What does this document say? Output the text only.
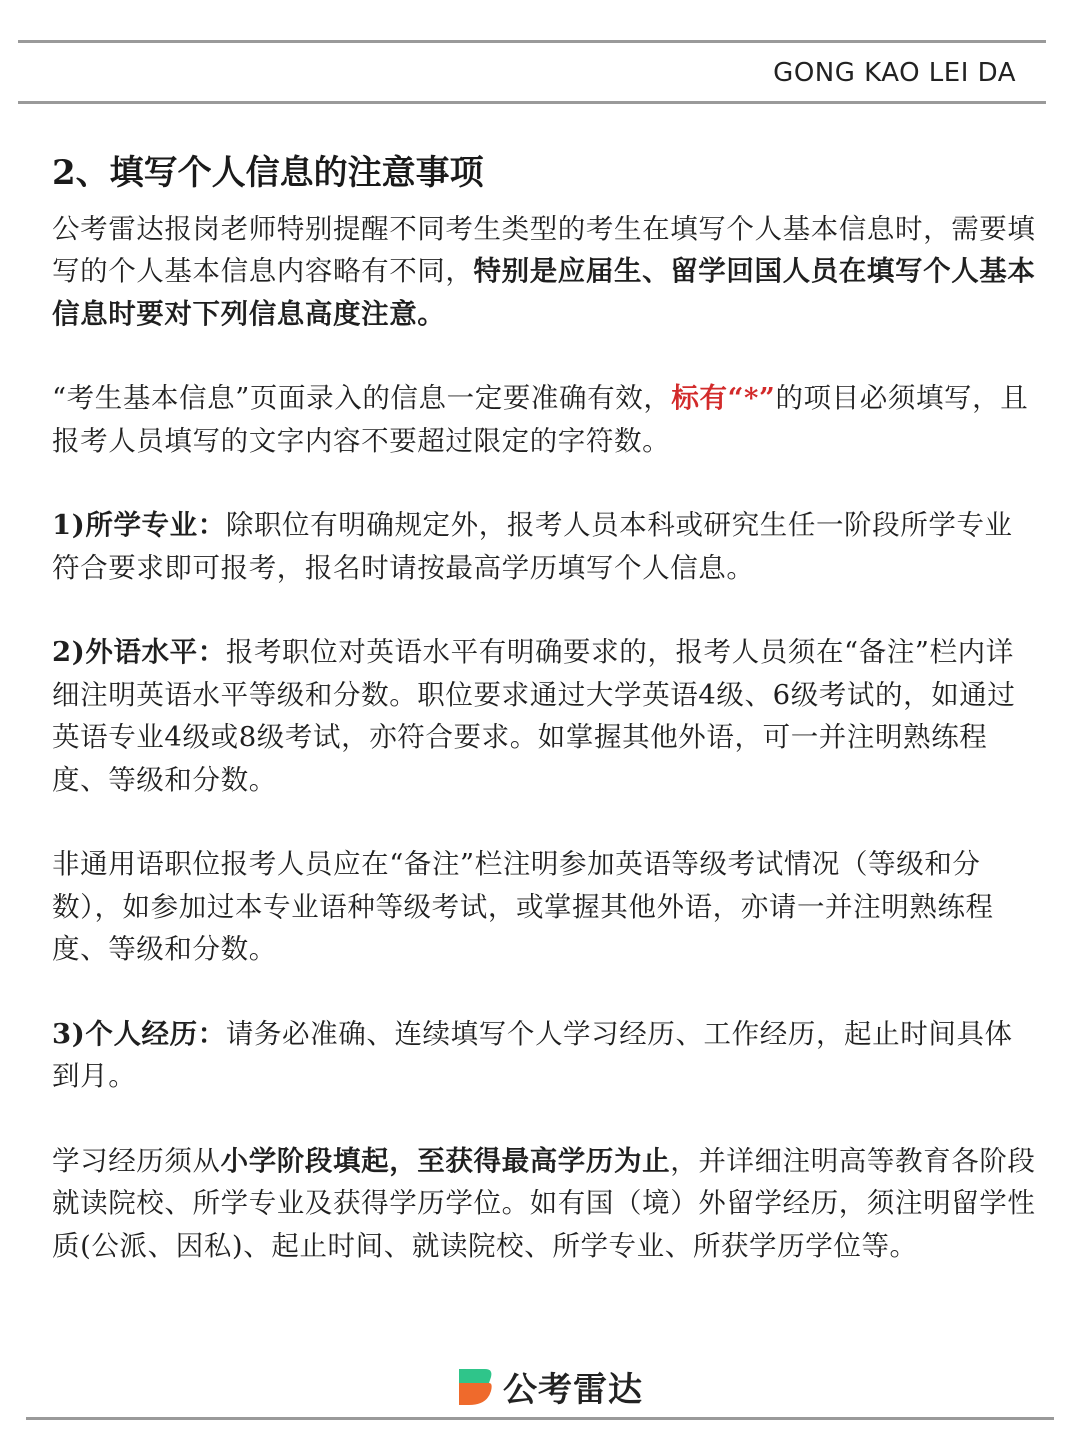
GONG KAO LEI DA
2、填写个人信息的注意事项

公考雷达报岗老师特别提醒不同考生类型的考生在填写个人基本信息时，需要填写的个人基本信息内容略有不同，特别是应届生、留学回国人员在填写个人基本信息时要对下列信息高度注意。

“考生基本信息”页面录入的信息一定要准确有效，标有“*”的项目必须填写，且报考人员填写的文字内容不要超过限定的字符数。

1)所学专业：除职位有明确规定外，报考人员本科或研究生任一阶段所学专业符合要求即可报考，报名时请按最高学历填写个人信息。

2)外语水平：报考职位对英语水平有明确要求的，报考人员须在“备注”栏内详细注明英语水平等级和分数。职位要求通过大学英语4级、6级考试的，如通过英语专业4级或8级考试，亦符合要求。如掌握其他外语，可一并注明熟练程度、等级和分数。

非通用语职位报考人员应在“备注”栏注明参加英语等级考试情况（等级和分数），如参加过本专业语种等级考试，或掌握其他外语，亦请一并注明熟练程度、等级和分数。

3)个人经历：请务必准确、连续填写个人学习经历、工作经历，起止时间具体到月。

学习经历须从小学阶段填起，至获得最高学历为止，并详细注明高等教育各阶段就读院校、所学专业及获得学历学位。如有国（境）外留学经历，须注明留学性质(公派、因私)、起止时间、就读院校、所学专业、所获学历学位等。

公考雷达
